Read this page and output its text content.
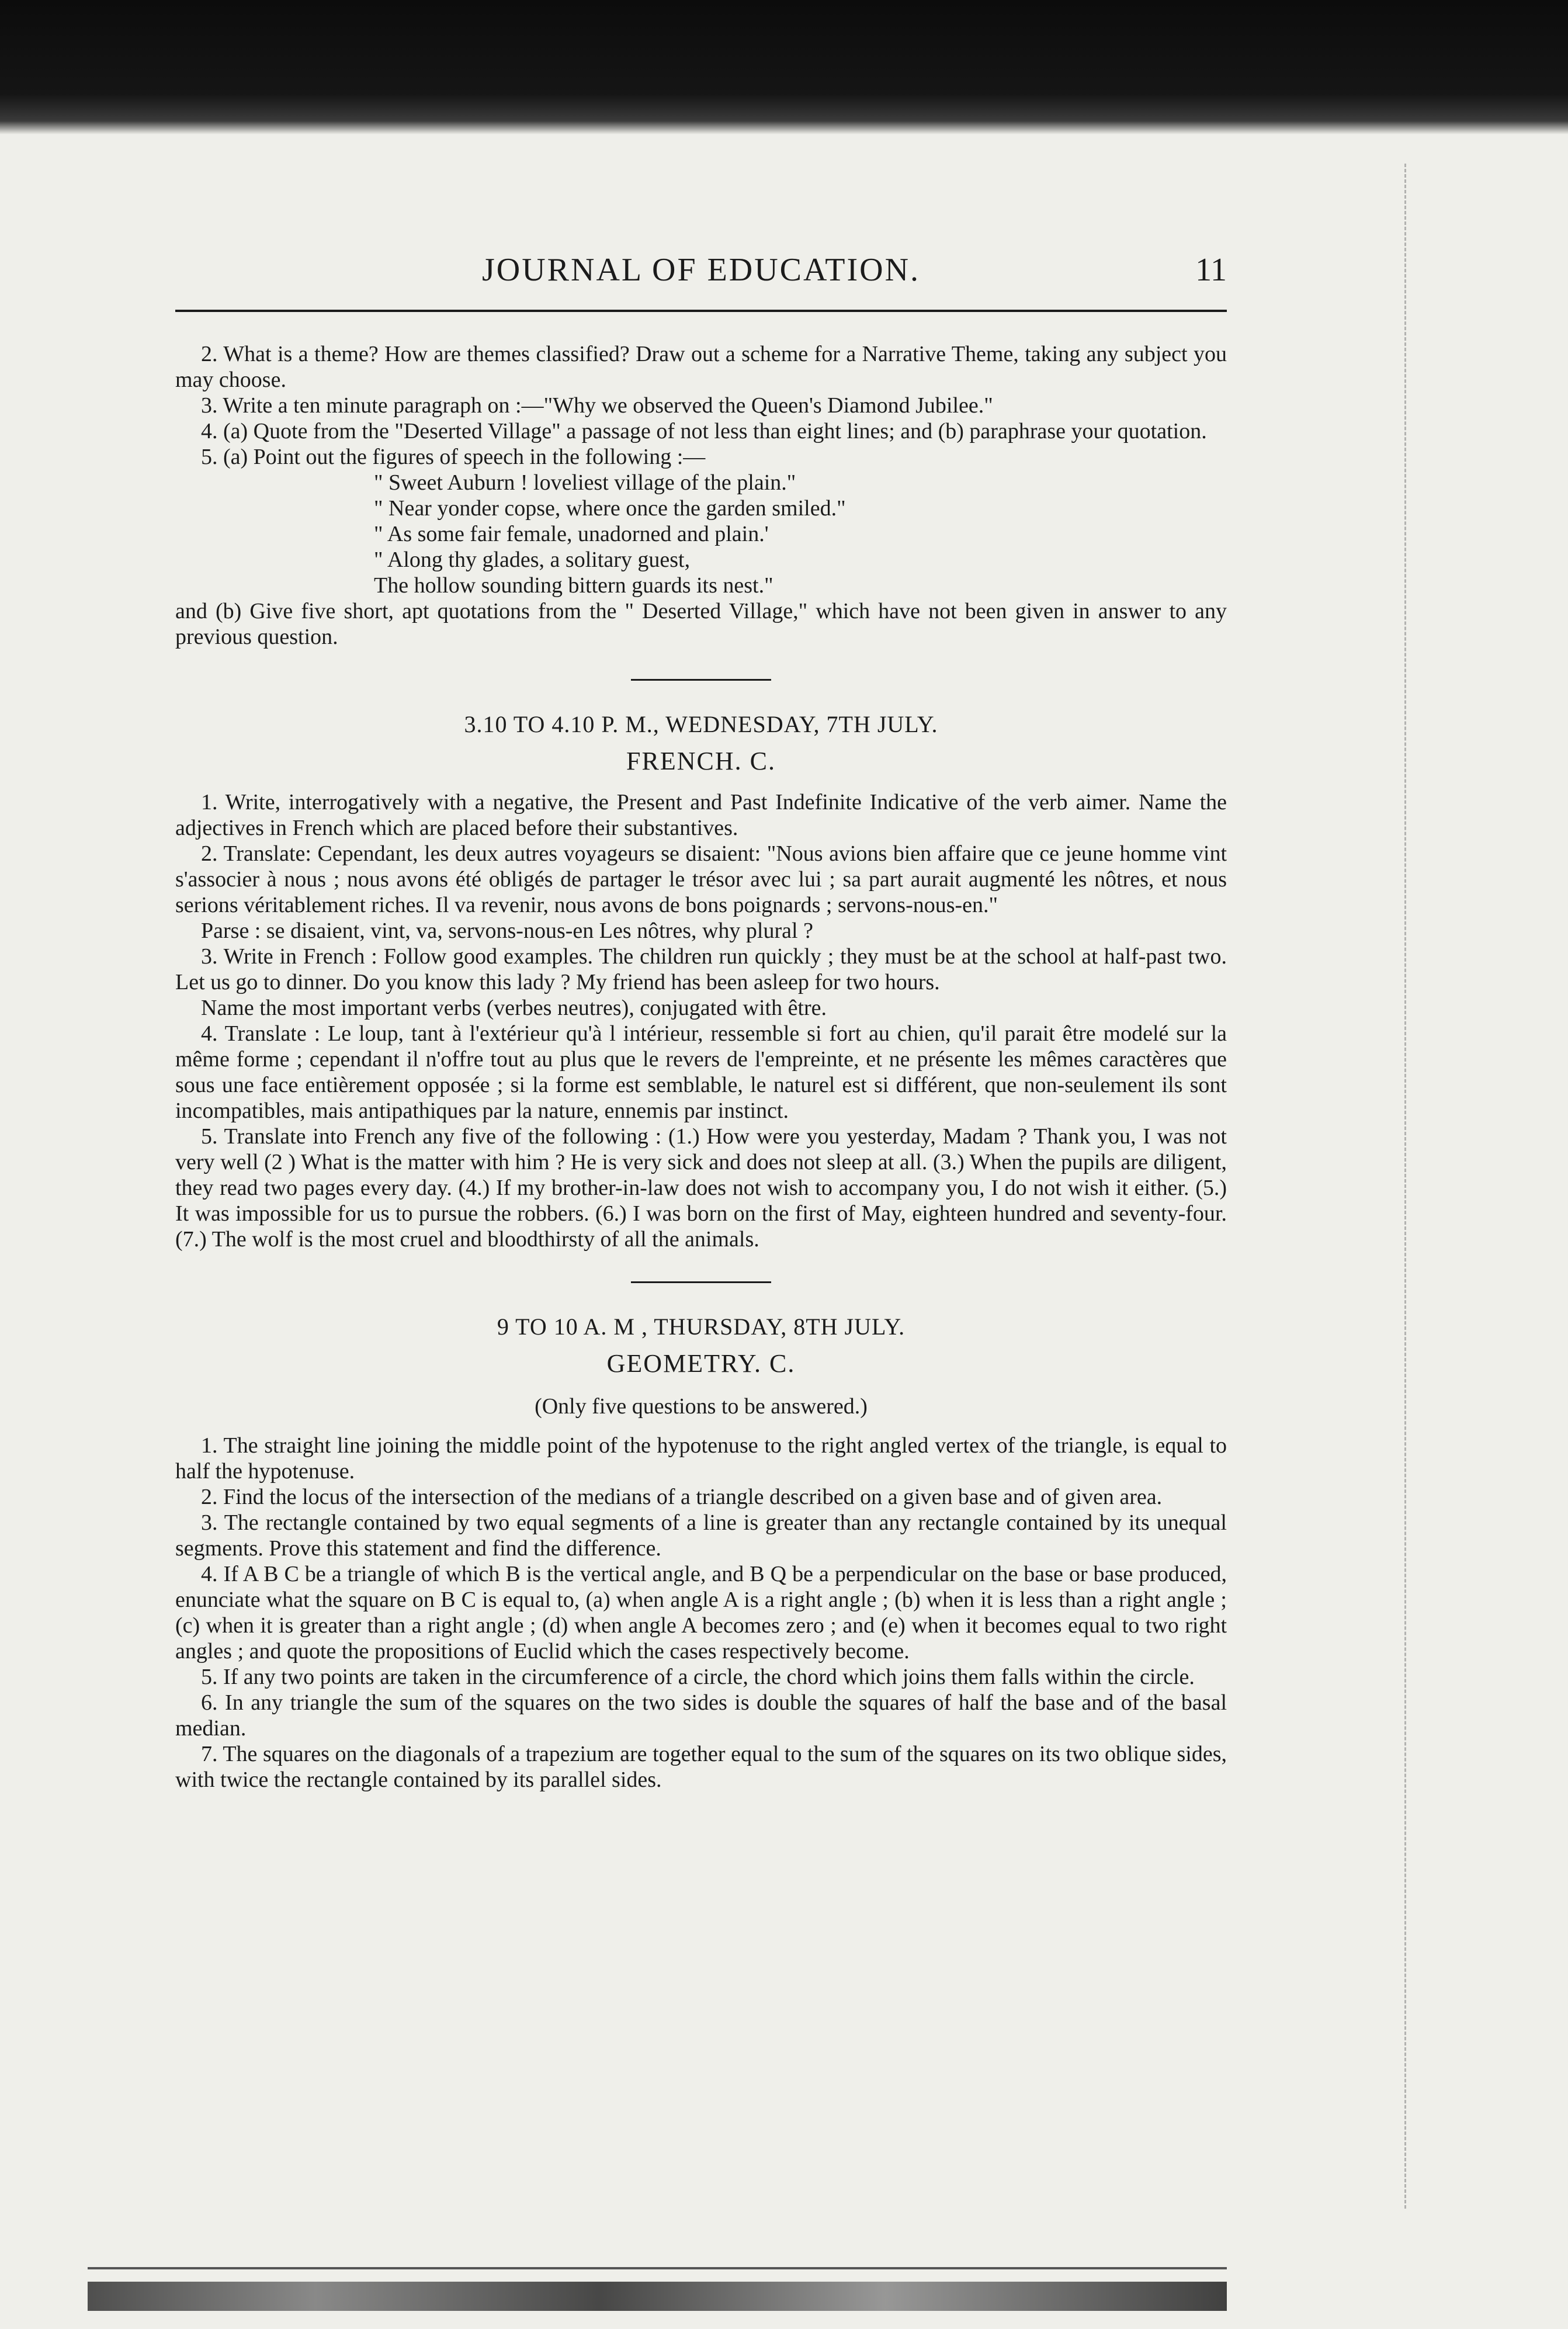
JOURNAL OF EDUCATION.	11

2. What is a theme? How are themes classified? Draw out a scheme for a Narrative Theme, taking any subject you may choose.

3. Write a ten minute paragraph on :—"Why we observed the Queen's Diamond Jubilee."

4. (a) Quote from the "Deserted Village" a passage of not less than eight lines; and (b) paraphrase your quotation.

5. (a) Point out the figures of speech in the following :—

" Sweet Auburn ! loveliest village of the plain."
" Near yonder copse, where once the garden smiled."
" As some fair female, unadorned and plain.'
" Along thy glades, a solitary guest,
The hollow sounding bittern guards its nest."

and (b) Give five short, apt quotations from the " Deserted Village," which have not been given in answer to any previous question.

3.10 TO 4.10 P. M., WEDNESDAY, 7TH JULY.
FRENCH. C.

1. Write, interrogatively with a negative, the Present and Past Indefinite Indicative of the verb aimer. Name the adjectives in French which are placed before their substantives.

2. Translate: Cependant, les deux autres voyageurs se disaient: "Nous avions bien affaire que ce jeune homme vint s'associer à nous ; nous avons été obligés de partager le trésor avec lui ; sa part aurait augmenté les nôtres, et nous serions véritablement riches. Il va revenir, nous avons de bons poignards ; servons-nous-en."

Parse : se disaient, vint, va, servons-nous-en Les nôtres, why plural ?

3. Write in French : Follow good examples. The children run quickly ; they must be at the school at half-past two. Let us go to dinner. Do you know this lady ? My friend has been asleep for two hours.

Name the most important verbs (verbes neutres), conjugated with être.

4. Translate : Le loup, tant à l'extérieur qu'à l intérieur, ressemble si fort au chien, qu'il parait être modelé sur la même forme ; cependant il n'offre tout au plus que le revers de l'empreinte, et ne présente les mêmes caractères que sous une face entièrement opposée ; si la forme est semblable, le naturel est si différent, que non-seulement ils sont incompatibles, mais antipathiques par la nature, ennemis par instinct.

5. Translate into French any five of the following : (1.) How were you yesterday, Madam ? Thank you, I was not very well (2 ) What is the matter with him ? He is very sick and does not sleep at all. (3.) When the pupils are diligent, they read two pages every day. (4.) If my brother-in-law does not wish to accompany you, I do not wish it either. (5.) It was impossible for us to pursue the robbers. (6.) I was born on the first of May, eighteen hundred and seventy-four. (7.) The wolf is the most cruel and bloodthirsty of all the animals.

9 TO 10 A. M , THURSDAY, 8TH JULY.
GEOMETRY. C.
(Only five questions to be answered.)

1. The straight line joining the middle point of the hypotenuse to the right angled vertex of the triangle, is equal to half the hypotenuse.

2. Find the locus of the intersection of the medians of a triangle described on a given base and of given area.

3. The rectangle contained by two equal segments of a line is greater than any rectangle contained by its unequal segments. Prove this statement and find the difference.

4. If A B C be a triangle of which B is the vertical angle, and B Q be a perpendicular on the base or base produced, enunciate what the square on B C is equal to, (a) when angle A is a right angle ; (b) when it is less than a right angle ; (c) when it is greater than a right angle ; (d) when angle A becomes zero ; and (e) when it becomes equal to two right angles ; and quote the propositions of Euclid which the cases respectively become.

5. If any two points are taken in the circumference of a circle, the chord which joins them falls within the circle.

6. In any triangle the sum of the squares on the two sides is double the squares of half the base and of the basal median.

7. The squares on the diagonals of a trapezium are together equal to the sum of the squares on its two oblique sides, with twice the rectangle contained by its parallel sides.
